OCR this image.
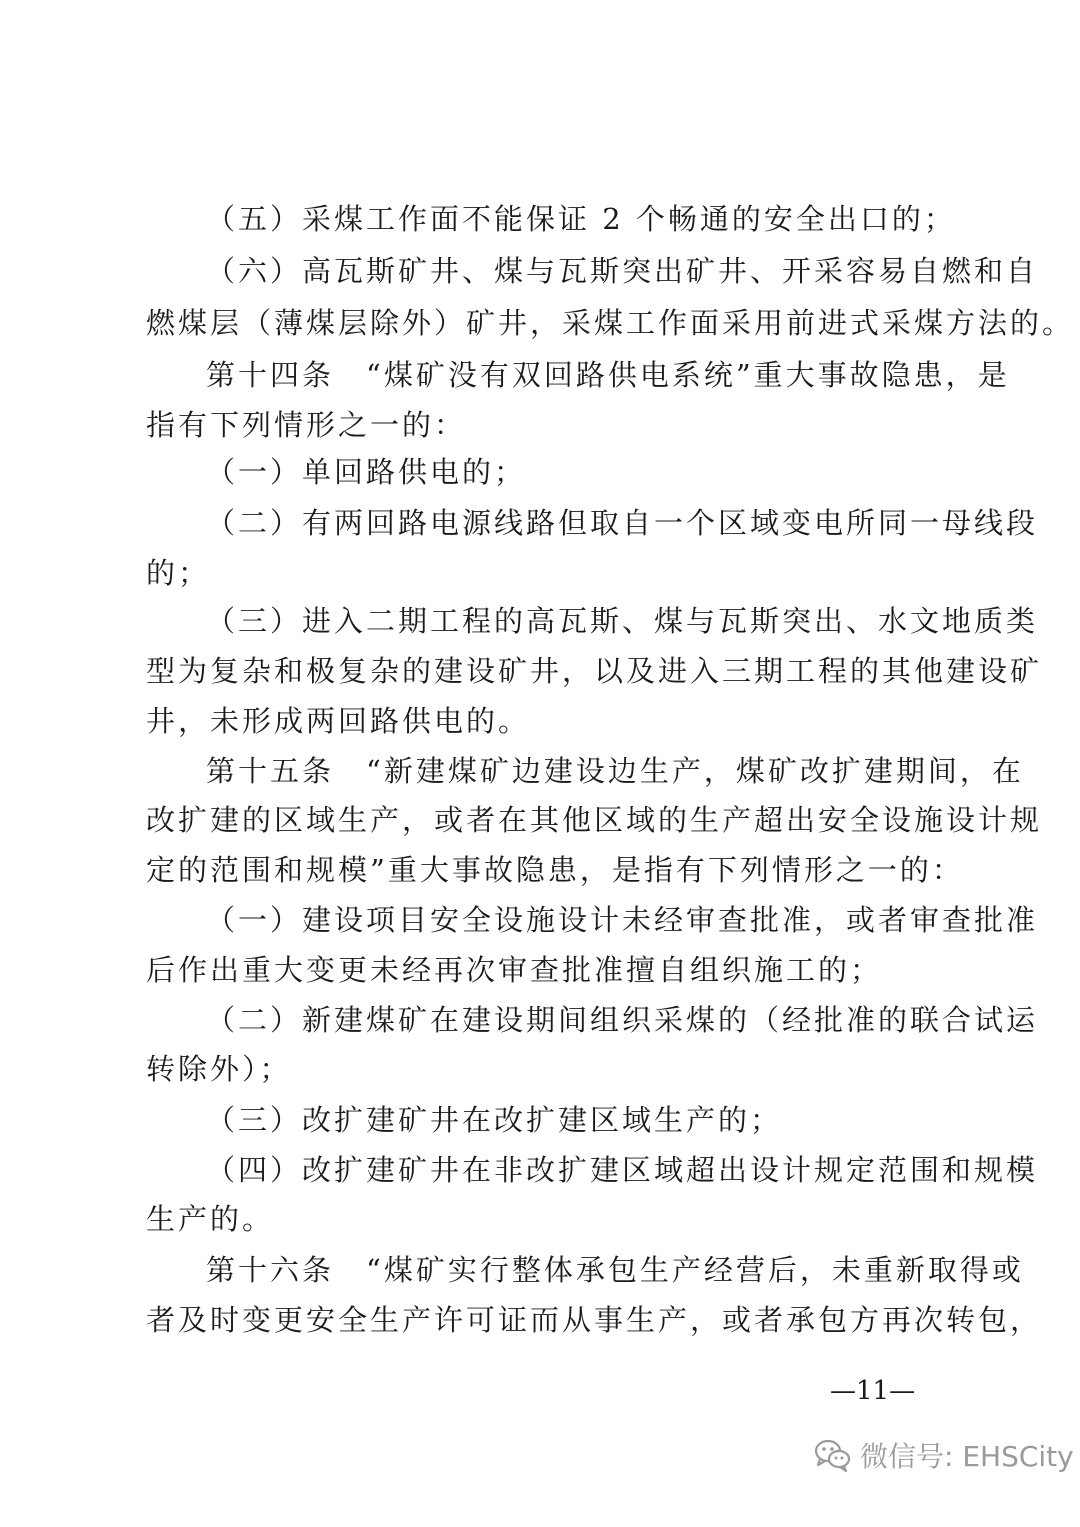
（五）采煤工作面不能保证 2 个畅通的安全出口的；
（六）高瓦斯矿井、煤与瓦斯突出矿井、开采容易自燃和自
燃煤层（薄煤层除外）矿井，采煤工作面采用前进式采煤方法的。
第十四条　“煤矿没有双回路供电系统”重大事故隐患，是
指有下列情形之一的：
（一）单回路供电的；
（二）有两回路电源线路但取自一个区域变电所同一母线段
的；
（三）进入二期工程的高瓦斯、煤与瓦斯突出、水文地质类
型为复杂和极复杂的建设矿井，以及进入三期工程的其他建设矿
井，未形成两回路供电的。
第十五条　“新建煤矿边建设边生产，煤矿改扩建期间，在
改扩建的区域生产，或者在其他区域的生产超出安全设施设计规
定的范围和规模”重大事故隐患，是指有下列情形之一的：
（一）建设项目安全设施设计未经审查批准，或者审查批准
后作出重大变更未经再次审查批准擅自组织施工的；
（二）新建煤矿在建设期间组织采煤的（经批准的联合试运
转除外）；
（三）改扩建矿井在改扩建区域生产的；
（四）改扩建矿井在非改扩建区域超出设计规定范围和规模
生产的。
第十六条　“煤矿实行整体承包生产经营后，未重新取得或
者及时变更安全生产许可证而从事生产，或者承包方再次转包，
—11—
微信号: EHSCity
